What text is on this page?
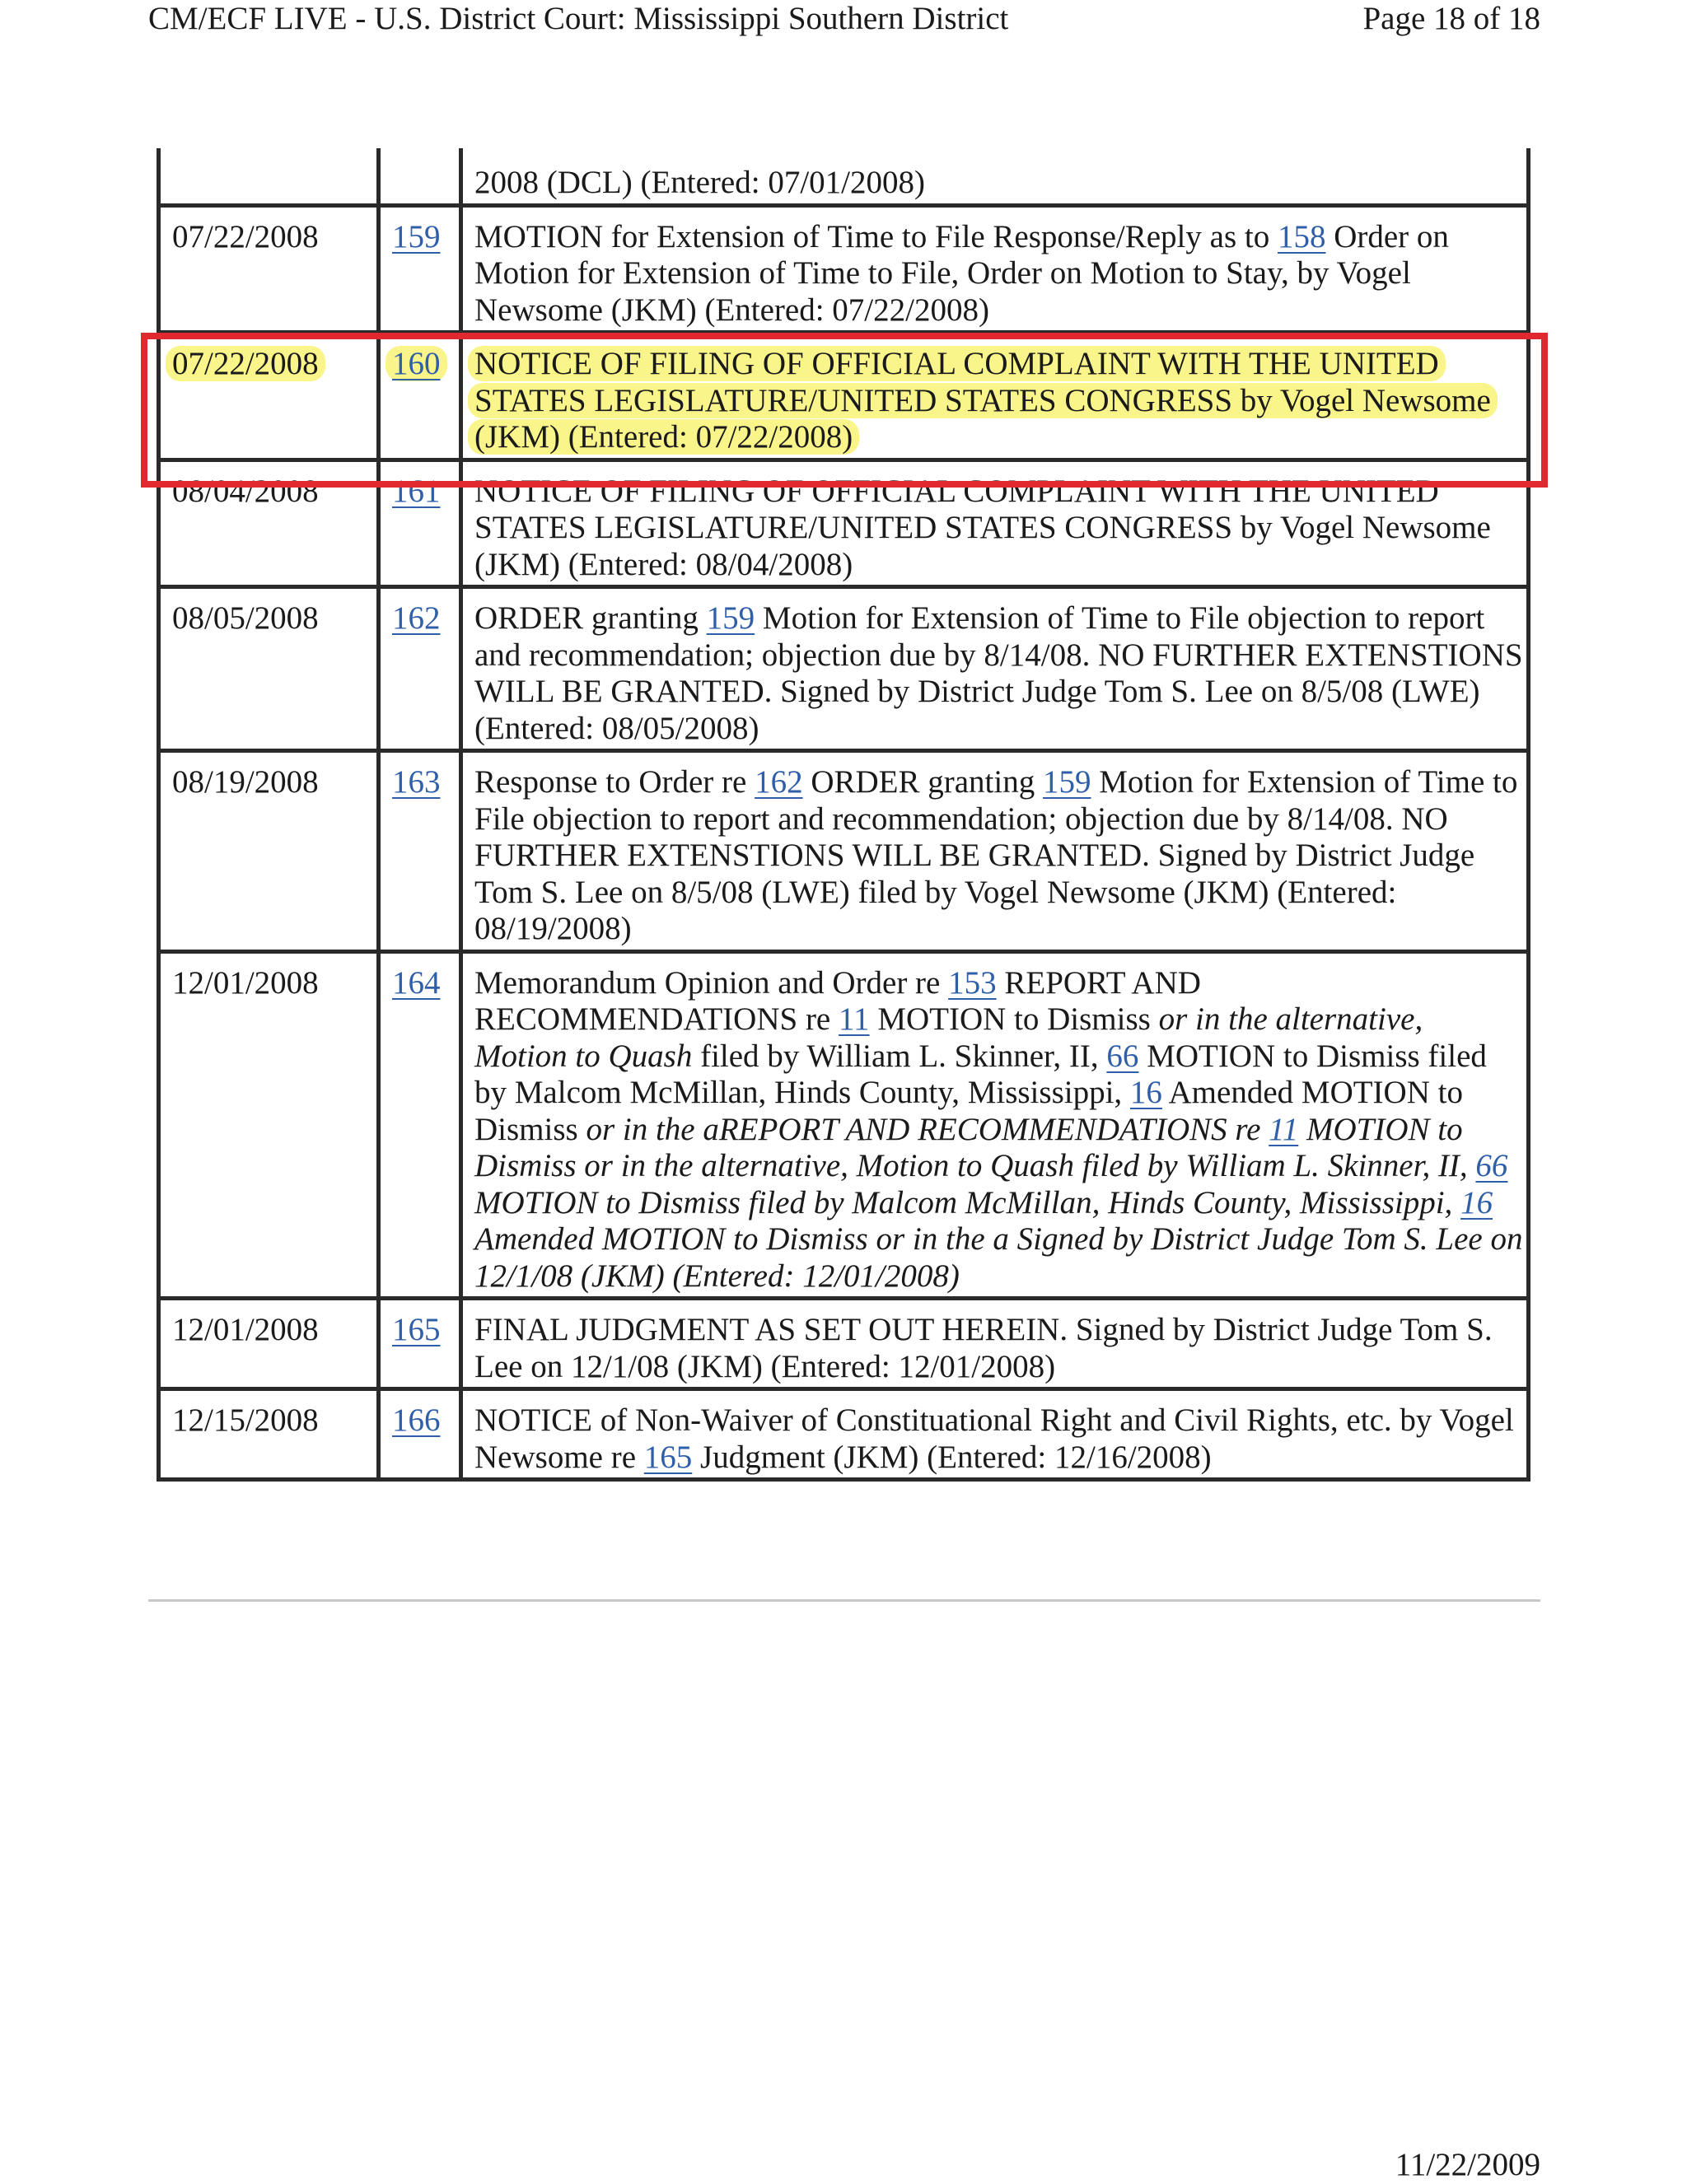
CM/ECF LIVE - U.S. District Court: Mississippi Southern District	Page 18 of 18
2008 (DCL) (Entered: 07/01/2008)
07/22/2008	159	MOTION for Extension of Time to File Response/Reply as to 158 Order on Motion for Extension of Time to File, Order on Motion to Stay, by Vogel Newsome (JKM) (Entered: 07/22/2008)
07/22/2008	160	NOTICE OF FILING OF OFFICIAL COMPLAINT WITH THE UNITED STATES LEGISLATURE/UNITED STATES CONGRESS by Vogel Newsome (JKM) (Entered: 07/22/2008)
08/04/2008	161	NOTICE OF FILING OF OFFICIAL COMPLAINT WITH THE UNITED STATES LEGISLATURE/UNITED STATES CONGRESS by Vogel Newsome (JKM) (Entered: 08/04/2008)
08/05/2008	162	ORDER granting 159 Motion for Extension of Time to File objection to report and recommendation; objection due by 8/14/08. NO FURTHER EXTENSTIONS WILL BE GRANTED. Signed by District Judge Tom S. Lee on 8/5/08 (LWE) (Entered: 08/05/2008)
08/19/2008	163	Response to Order re 162 ORDER granting 159 Motion for Extension of Time to File objection to report and recommendation; objection due by 8/14/08. NO FURTHER EXTENSTIONS WILL BE GRANTED. Signed by District Judge Tom S. Lee on 8/5/08 (LWE) filed by Vogel Newsome (JKM) (Entered: 08/19/2008)
12/01/2008	164	Memorandum Opinion and Order re 153 REPORT AND RECOMMENDATIONS re 11 MOTION to Dismiss or in the alternative, Motion to Quash filed by William L. Skinner, II, 66 MOTION to Dismiss filed by Malcom McMillan, Hinds County, Mississippi, 16 Amended MOTION to Dismiss or in the aREPORT AND RECOMMENDATIONS re 11 MOTION to Dismiss or in the alternative, Motion to Quash filed by William L. Skinner, II, 66 MOTION to Dismiss filed by Malcom McMillan, Hinds County, Mississippi, 16 Amended MOTION to Dismiss or in the a Signed by District Judge Tom S. Lee on 12/1/08 (JKM) (Entered: 12/01/2008)
12/01/2008	165	FINAL JUDGMENT AS SET OUT HEREIN. Signed by District Judge Tom S. Lee on 12/1/08 (JKM) (Entered: 12/01/2008)
12/15/2008	166	NOTICE of Non-Waiver of Constituational Right and Civil Rights, etc. by Vogel Newsome re 165 Judgment (JKM) (Entered: 12/16/2008)
11/22/2009
